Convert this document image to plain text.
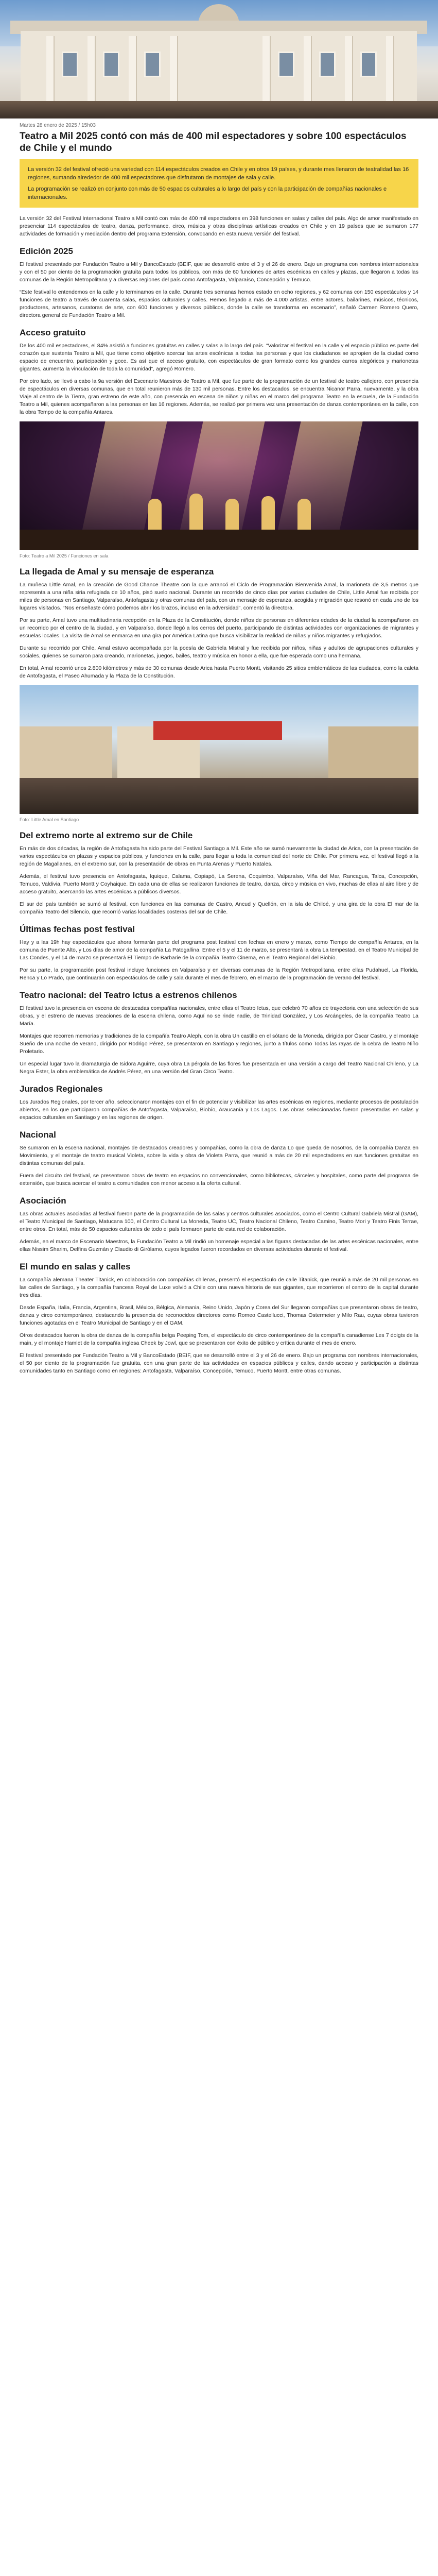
Martes 28 enero de 2025 / 15h03
Teatro a Mil 2025 contó con más de 400 mil espectadores y sobre 100 espectáculos de Chile y el mundo
La versión 32 del festival ofreció una variedad con 114 espectáculos creados en Chile y en otros 19 países, y durante mes llenaron de teatralidad las 16 regiones, sumando alrededor de 400 mil espectadores que disfrutaron de montajes de sala y calle.
La programación se realizó en conjunto con más de 50 espacios culturales a lo largo del país y con la participación de compañías nacionales e internacionales.

La versión 32 del Festival Internacional Teatro a Mil contó con más de 400 mil espectadores en 398 funciones en salas y calles del país. Algo de amor manifestado en presenciar 114 espectáculos de teatro, danza, performance, circo, música y otras disciplinas artísticas creados en Chile y en 19 países que se sumaron 177 actividades de formación y mediación dentro del programa Extensión, convocando en esta nueva versión del festival.

Edición 2025

El festival presentado por Fundación Teatro a Mil y BancoEstado (BEIF, que se desarrolló entre el 3 y el 26 de enero. Bajo un programa con nombres internacionales y con el 50 por ciento de la programación gratuita para todos los públicos, con más de 60 funciones de artes escénicas en calles y plazas, que llegaron a todas las comunas de la Región Metropolitana y a diversas regiones del país como Antofagasta, Valparaíso, Concepción y Temuco.

“Este festival lo entendemos en la calle y lo terminamos en la calle. Durante tres semanas hemos estado en ocho regiones, y 62 comunas con 150 espectáculos y 14 funciones de teatro a través de cuarenta salas, espacios culturales y calles. Hemos llegado a más de 4.000 artistas, entre actores, bailarines, músicos, técnicos, productores, artesanos, curatoras de arte, con 600 funciones y diversos públicos, donde la calle se transforma en escenario”, señaló Carmen Romero Quero, directora general de Fundación Teatro a Mil.

Acceso gratuito

De los 400 mil espectadores, el 84% asistió a funciones gratuitas en calles y salas a lo largo del país. “Valorizar el festival en la calle y el espacio público es parte del corazón que sustenta Teatro a Mil, que tiene como objetivo acercar las artes escénicas a todas las personas y que los ciudadanos se apropien de la ciudad como espacio de encuentro, participación y goce. Es así que el acceso gratuito, con espectáculos de gran formato como los grandes carros alegóricos y marionetas gigantes, aumenta la vinculación de toda la comunidad”, agregó Romero.

Por otro lado, se llevó a cabo la 9a versión del Escenario Maestros de Teatro a Mil, que fue parte de la programación de un festival de teatro callejero, con presencia de espectáculos en diversas comunas, que en total reunieron más de 130 mil personas. Entre los destacados, se encuentra Nicanor Parra, nuevamente, y la obra Viaje al centro de la Tierra, gran estreno de este año, con presencia en escena de niños y niñas en el marco del programa Teatro en la escuela, de la Fundación Teatro a Mil, quienes acompañaron a las personas en las 16 regiones. Además, se realizó por primera vez una presentación de danza contemporánea en la calle, con la obra Tempo de la compañía Antares.

Foto: Teatro a Mil 2025 / Funciones en sala
La llegada de Amal y su mensaje de esperanza

La muñeca Little Amal, en la creación de Good Chance Theatre con la que arrancó el Ciclo de Programación Bienvenida Amal, la marioneta de 3,5 metros que representa a una niña siria refugiada de 10 años, pisó suelo nacional. Durante un recorrido de cinco días por varias ciudades de Chile, Little Amal fue recibida por miles de personas en Santiago, Valparaíso, Antofagasta y otras comunas del país, con un mensaje de esperanza, acogida y migración que resonó en cada uno de los lugares visitados. “Nos enseñaste cómo podemos abrir los brazos, incluso en la adversidad”, comentó la directora.

Por su parte, Amal tuvo una multitudinaria recepción en la Plaza de la Constitución, donde niños de personas en diferentes edades de la ciudad la acompañaron en un recorrido por el centro de la ciudad, y en Valparaíso, donde llegó a los cerros del puerto, participando de distintas actividades con organizaciones de migrantes y escuelas locales. La visita de Amal se enmarca en una gira por América Latina que busca visibilizar la realidad de niñas y niños migrantes y refugiados.

Durante su recorrido por Chile, Amal estuvo acompañada por la poesía de Gabriela Mistral y fue recibida por niños, niñas y adultos de agrupaciones culturales y sociales, quienes se sumaron para creando, marionetas, juegos, bailes, teatro y música en honor a ella, que fue esperada como una hermana.

En total, Amal recorrió unos 2.800 kilómetros y más de 30 comunas desde Arica hasta Puerto Montt, visitando 25 sitios emblemáticos de las ciudades, como la caleta de Antofagasta, el Paseo Ahumada y la Plaza de la Constitución.

Foto: Little Amal en Santiago
Del extremo norte al extremo sur de Chile

En más de dos décadas, la región de Antofagasta ha sido parte del Festival Santiago a Mil. Este año se sumó nuevamente la ciudad de Arica, con la presentación de varios espectáculos en plazas y espacios públicos, y funciones en la calle, para llegar a toda la comunidad del norte de Chile. Por primera vez, el festival llegó a la región de Magallanes, en el extremo sur, con la presentación de obras en Punta Arenas y Puerto Natales.

Además, el festival tuvo presencia en Antofagasta, Iquique, Calama, Copiapó, La Serena, Coquimbo, Valparaíso, Viña del Mar, Rancagua, Talca, Concepción, Temuco, Valdivia, Puerto Montt y Coyhaique. En cada una de ellas se realizaron funciones de teatro, danza, circo y música en vivo, muchas de ellas al aire libre y de acceso gratuito, acercando las artes escénicas a públicos diversos.

El sur del país también se sumó al festival, con funciones en las comunas de Castro, Ancud y Quellón, en la isla de Chiloé, y una gira de la obra El mar de la compañía Teatro del Silencio, que recorrió varias localidades costeras del sur de Chile.

Últimas fechas post festival

Hay y a las 19h hay espectáculos que ahora formarán parte del programa post festival con fechas en enero y marzo, como Tiempo de compañía Antares, en la comuna de Puente Alto, y Los días de amor de la compañía La Patogallina. Entre el 5 y el 11 de marzo, se presentará la obra La tempestad, en el Teatro Municipal de Las Condes, y el 14 de marzo se presentará El Tiempo de Barbarie de la compañía Teatro Cinema, en el Teatro Regional del Biobío.

Por su parte, la programación post festival incluye funciones en Valparaíso y en diversas comunas de la Región Metropolitana, entre ellas Pudahuel, La Florida, Renca y Lo Prado, que continuarán con espectáculos de calle y sala durante el mes de febrero, en el marco de la programación de verano del festival.

Teatro nacional: del Teatro Ictus a estrenos chilenos

El festival tuvo la presencia en escena de destacadas compañías nacionales, entre ellas el Teatro Ictus, que celebró 70 años de trayectoria con una selección de sus obras, y el estreno de nuevas creaciones de la escena chilena, como Aquí no se rinde nadie, de Trinidad González, y Los Arcángeles, de la compañía Teatro La María.

Montajes que recorren memorias y tradiciones de la compañía Teatro Aleph, con la obra Un castillo en el sótano de la Moneda, dirigida por Óscar Castro, y el montaje Sueño de una noche de verano, dirigido por Rodrigo Pérez, se presentaron en Santiago y regiones, junto a títulos como Todas las rayas de la cebra de Teatro Niño Proletario.

Un especial lugar tuvo la dramaturgia de Isidora Aguirre, cuya obra La pérgola de las flores fue presentada en una versión a cargo del Teatro Nacional Chileno, y La Negra Ester, la obra emblemática de Andrés Pérez, en una versión del Gran Circo Teatro.

Jurados Regionales

Los Jurados Regionales, por tercer año, seleccionaron montajes con el fin de potenciar y visibilizar las artes escénicas en regiones, mediante procesos de postulación abiertos, en los que participaron compañías de Antofagasta, Valparaíso, Biobío, Araucanía y Los Lagos. Las obras seleccionadas fueron presentadas en salas y espacios culturales en Santiago y en las regiones de origen.

Nacional

Se sumaron en la escena nacional, montajes de destacados creadores y compañías, como la obra de danza Lo que queda de nosotros, de la compañía Danza en Movimiento, y el montaje de teatro musical Violeta, sobre la vida y obra de Violeta Parra, que reunió a más de 20 mil espectadores en sus funciones gratuitas en distintas comunas del país.

Fuera del circuito del festival, se presentaron obras de teatro en espacios no convencionales, como bibliotecas, cárceles y hospitales, como parte del programa de extensión, que busca acercar el teatro a comunidades con menor acceso a la oferta cultural.

Asociación

Las obras actuales asociadas al festival fueron parte de la programación de las salas y centros culturales asociados, como el Centro Cultural Gabriela Mistral (GAM), el Teatro Municipal de Santiago, Matucana 100, el Centro Cultural La Moneda, Teatro UC, Teatro Nacional Chileno, Teatro Camino, Teatro Mori y Teatro Finis Terrae, entre otros. En total, más de 50 espacios culturales de todo el país formaron parte de esta red de colaboración.

Además, en el marco de Escenario Maestros, la Fundación Teatro a Mil rindió un homenaje especial a las figuras destacadas de las artes escénicas nacionales, entre ellas Nissim Sharim, Delfina Guzmán y Claudio di Girólamo, cuyos legados fueron recordados en diversas actividades durante el festival.

El mundo en salas y calles

La compañía alemana Theater Titanick, en colaboración con compañías chilenas, presentó el espectáculo de calle Titanick, que reunió a más de 20 mil personas en las calles de Santiago, y la compañía francesa Royal de Luxe volvió a Chile con una nueva historia de sus gigantes, que recorrieron el centro de la capital durante tres días.

Desde España, Italia, Francia, Argentina, Brasil, México, Bélgica, Alemania, Reino Unido, Japón y Corea del Sur llegaron compañías que presentaron obras de teatro, danza y circo contemporáneo, destacando la presencia de reconocidos directores como Romeo Castellucci, Thomas Ostermeier y Milo Rau, cuyas obras tuvieron funciones agotadas en el Teatro Municipal de Santiago y en el GAM.

Otros destacados fueron la obra de danza de la compañía belga Peeping Tom, el espectáculo de circo contemporáneo de la compañía canadiense Les 7 doigts de la main, y el montaje Hamlet de la compañía inglesa Cheek by Jowl, que se presentaron con éxito de público y crítica durante el mes de enero.

El festival presentado por Fundación Teatro a Mil y BancoEstado (BEIF, que se desarrolló entre el 3 y el 26 de enero. Bajo un programa con nombres internacionales, el 50 por ciento de la programación fue gratuita, con una gran parte de las actividades en espacios públicos y calles, dando acceso y participación a distintas comunidades tanto en Santiago como en regiones: Antofagasta, Valparaíso, Concepción, Temuco, Puerto Montt, entre otras comunas.
